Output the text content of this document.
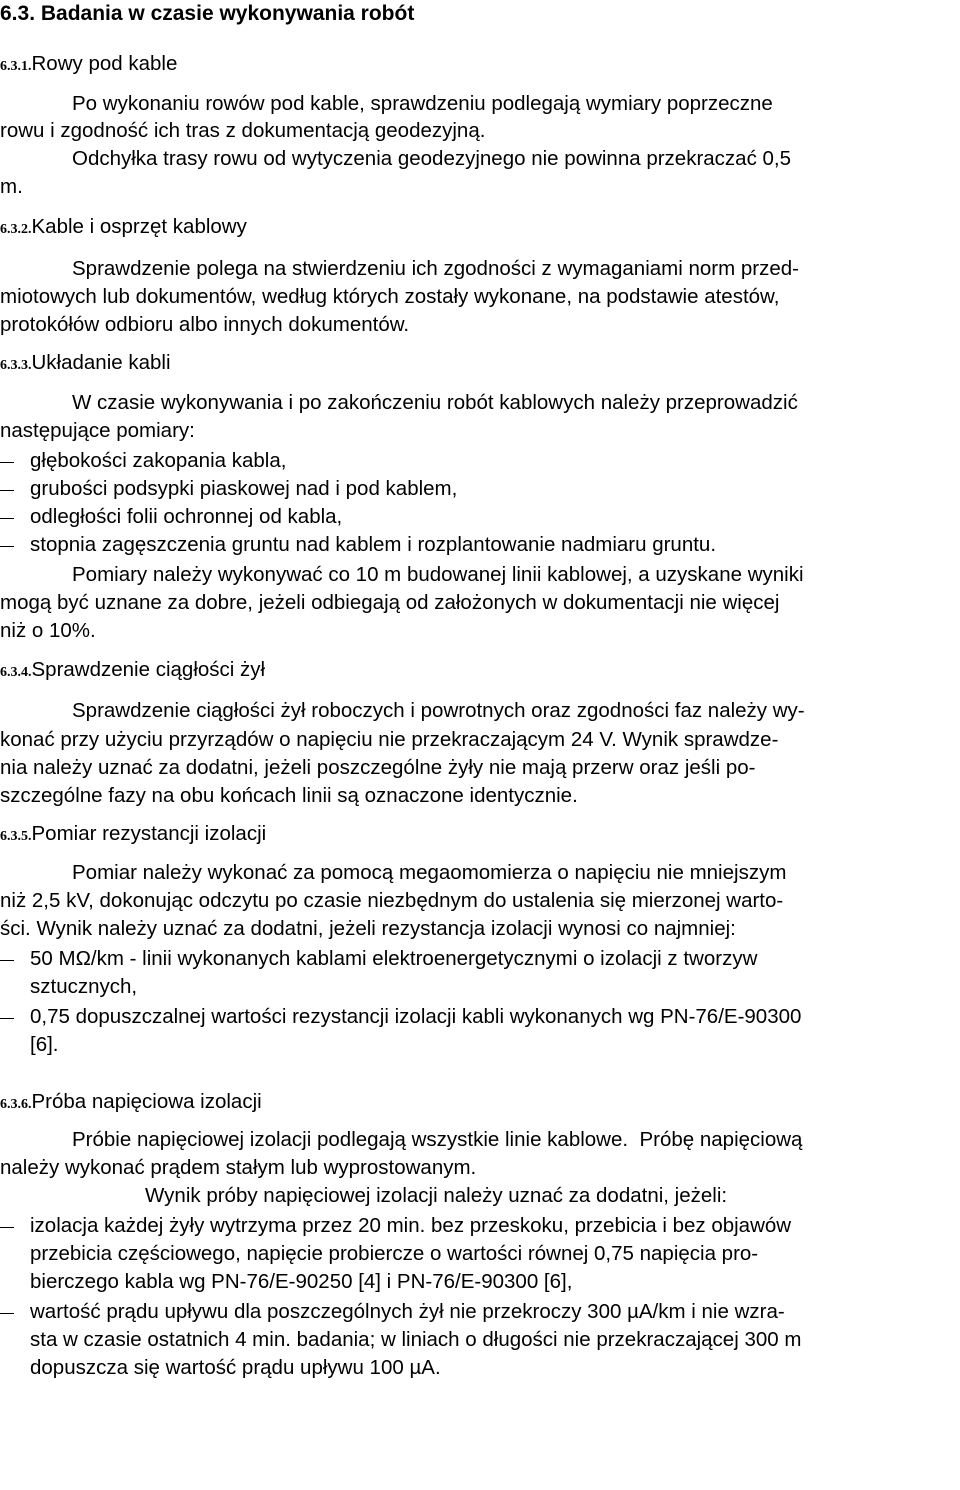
6.3. Badania w czasie wykonywania robót
6.3.1.Rowy pod kable
Po wykonaniu rowów pod kable, sprawdzeniu podlegają wymiary poprzeczne
rowu i zgodność ich tras z dokumentacją geodezyjną.
Odchyłka trasy rowu od wytyczenia geodezyjnego nie powinna przekraczać 0,5
m.
6.3.2.Kable i osprzęt kablowy
Sprawdzenie polega na stwierdzeniu ich zgodności z wymaganiami norm przed-
miotowych lub dokumentów, według których zostały wykonane, na podstawie atestów,
protokółów odbioru albo innych dokumentów.
6.3.3.Układanie kabli
W czasie wykonywania i po zakończeniu robót kablowych należy przeprowadzić
następujące pomiary:
głębokości zakopania kabla,
grubości podsypki piaskowej nad i pod kablem,
odległości folii ochronnej od kabla,
stopnia zagęszczenia gruntu nad kablem i rozplantowanie nadmiaru gruntu.
Pomiary należy wykonywać co 10 m budowanej linii kablowej, a uzyskane wyniki
mogą być uznane za dobre, jeżeli odbiegają od założonych w dokumentacji nie więcej
niż o 10%.
6.3.4.Sprawdzenie ciągłości żył
Sprawdzenie ciągłości żył roboczych i powrotnych oraz zgodności faz należy wy-
konać przy użyciu przyrządów o napięciu nie przekraczającym 24 V. Wynik sprawdze-
nia należy uznać za dodatni, jeżeli poszczególne żyły nie mają przerw oraz jeśli po-
szczególne fazy na obu końcach linii są oznaczone identycznie.
6.3.5.Pomiar rezystancji izolacji
Pomiar należy wykonać za pomocą megaomomierza o napięciu nie mniejszym
niż 2,5 kV, dokonując odczytu po czasie niezbędnym do ustalenia się mierzonej warto-
ści. Wynik należy uznać za dodatni, jeżeli rezystancja izolacji wynosi co najmniej:
50 MΩ/km - linii wykonanych kablami elektroenergetycznymi o izolacji z tworzyw
sztucznych,
0,75 dopuszczalnej wartości rezystancji izolacji kabli wykonanych wg PN-76/E-90300
[6].
6.3.6.Próba napięciowa izolacji
Próbie napięciowej izolacji podlegają wszystkie linie kablowe.  Próbę napięciową
należy wykonać prądem stałym lub wyprostowanym.
Wynik próby napięciowej izolacji należy uznać za dodatni, jeżeli:
izolacja każdej żyły wytrzyma przez 20 min. bez przeskoku, przebicia i bez objawów
przebicia częściowego, napięcie probiercze o wartości równej 0,75 napięcia pro-
bierczego kabla wg PN-76/E-90250 [4] i PN-76/E-90300 [6],
wartość prądu upływu dla poszczególnych żył nie przekroczy 300 µA/km i nie wzra-
sta w czasie ostatnich 4 min. badania; w liniach o długości nie przekraczającej 300 m
dopuszcza się wartość prądu upływu 100 µA.
